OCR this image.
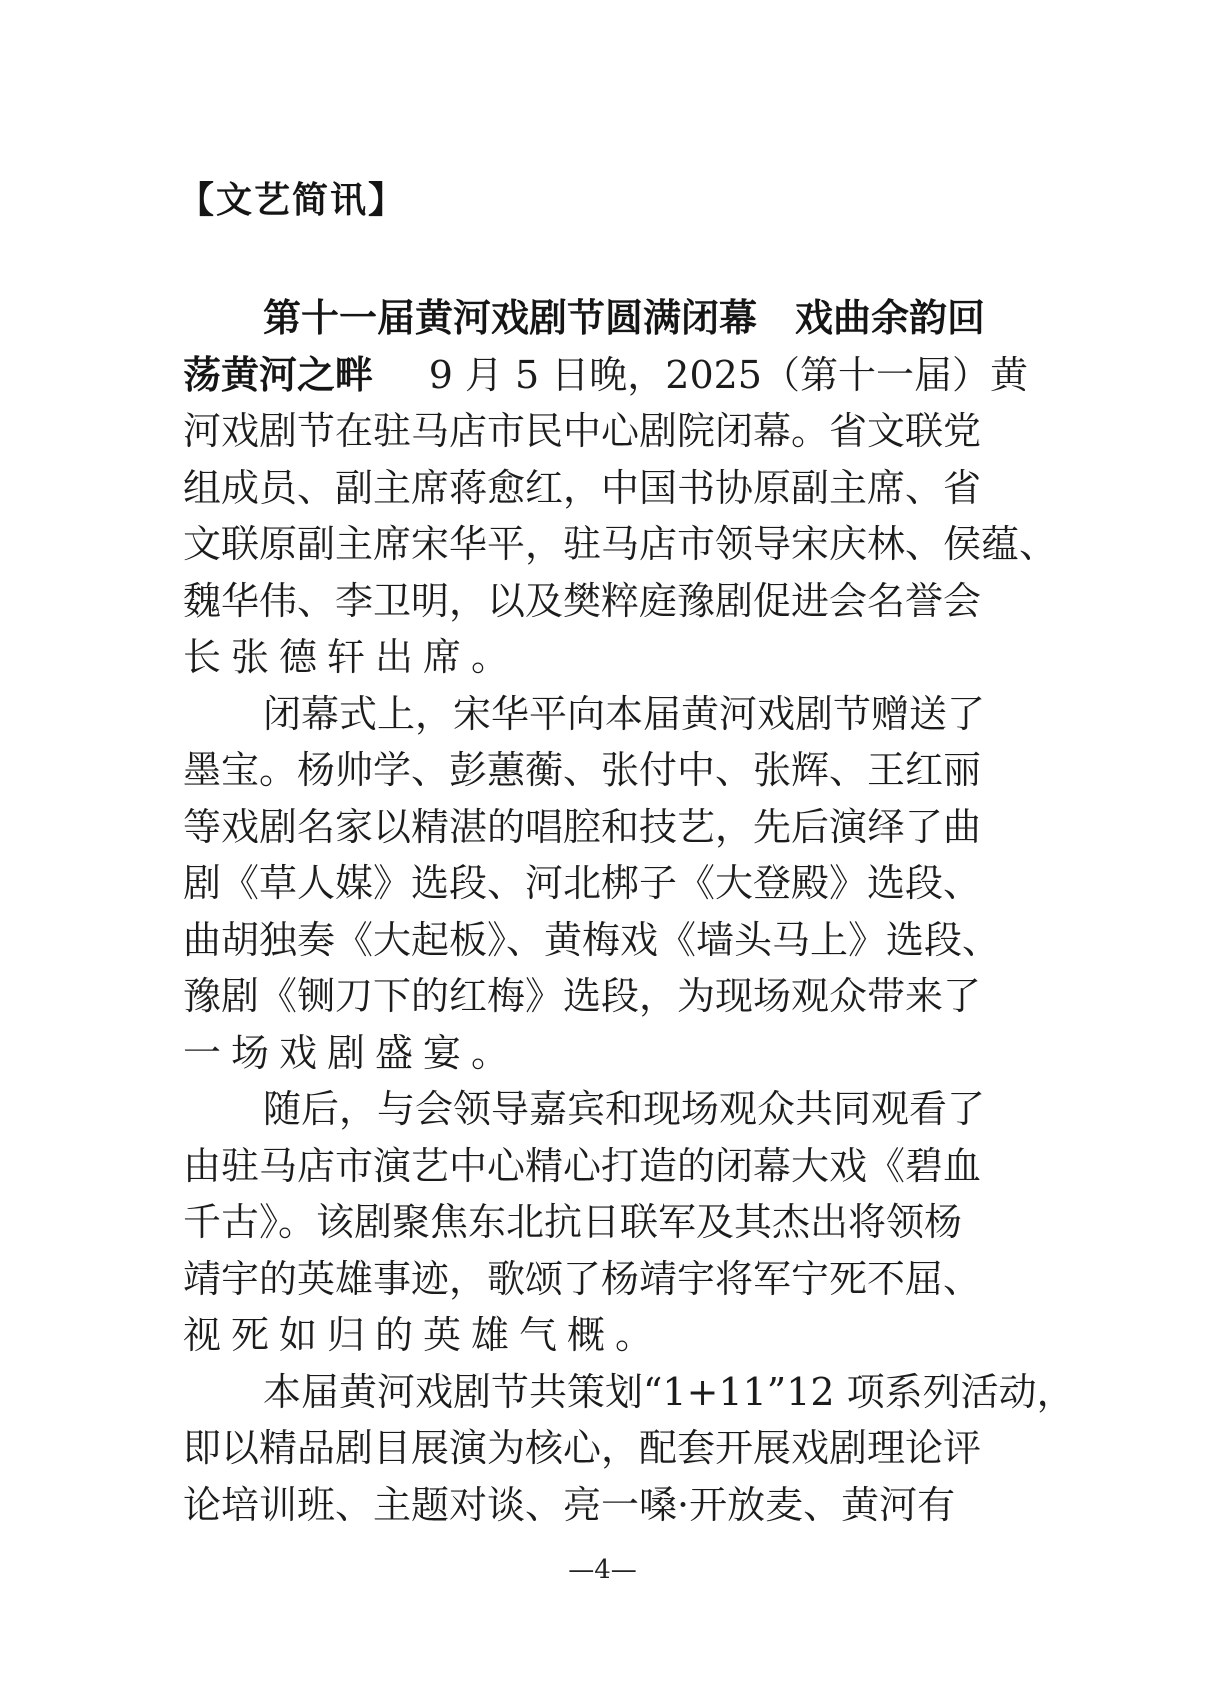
【文艺简讯】
第十一届黄河戏剧节圆满闭幕　戏曲余韵回
荡黄河之畔 9 月 5 日晚，2025（第十一届）黄
河戏剧节在驻马店市民中心剧院闭幕。省文联党
组成员、副主席蒋愈红，中国书协原副主席、省
文联原副主席宋华平，驻马店市领导宋庆林、侯蕴、
魏华伟、李卫明，以及樊粹庭豫剧促进会名誉会
长张德轩出席。
闭幕式上，宋华平向本届黄河戏剧节赠送了
墨宝。杨帅学、彭蕙蘅、张付中、张辉、王红丽
等戏剧名家以精湛的唱腔和技艺，先后演绎了曲
剧《草人媒》选段、河北梆子《大登殿》选段、
曲胡独奏《大起板》、黄梅戏《墙头马上》选段、
豫剧《铡刀下的红梅》选段，为现场观众带来了
一场戏剧盛宴。
随后，与会领导嘉宾和现场观众共同观看了
由驻马店市演艺中心精心打造的闭幕大戏《碧血
千古》。该剧聚焦东北抗日联军及其杰出将领杨
靖宇的英雄事迹，歌颂了杨靖宇将军宁死不屈、
视死如归的英雄气概。
本届黄河戏剧节共策划“1+11”12 项系列活动，
即以精品剧目展演为核心，配套开展戏剧理论评
论培训班、主题对谈、亮一嗓·开放麦、黄河有
—4—
